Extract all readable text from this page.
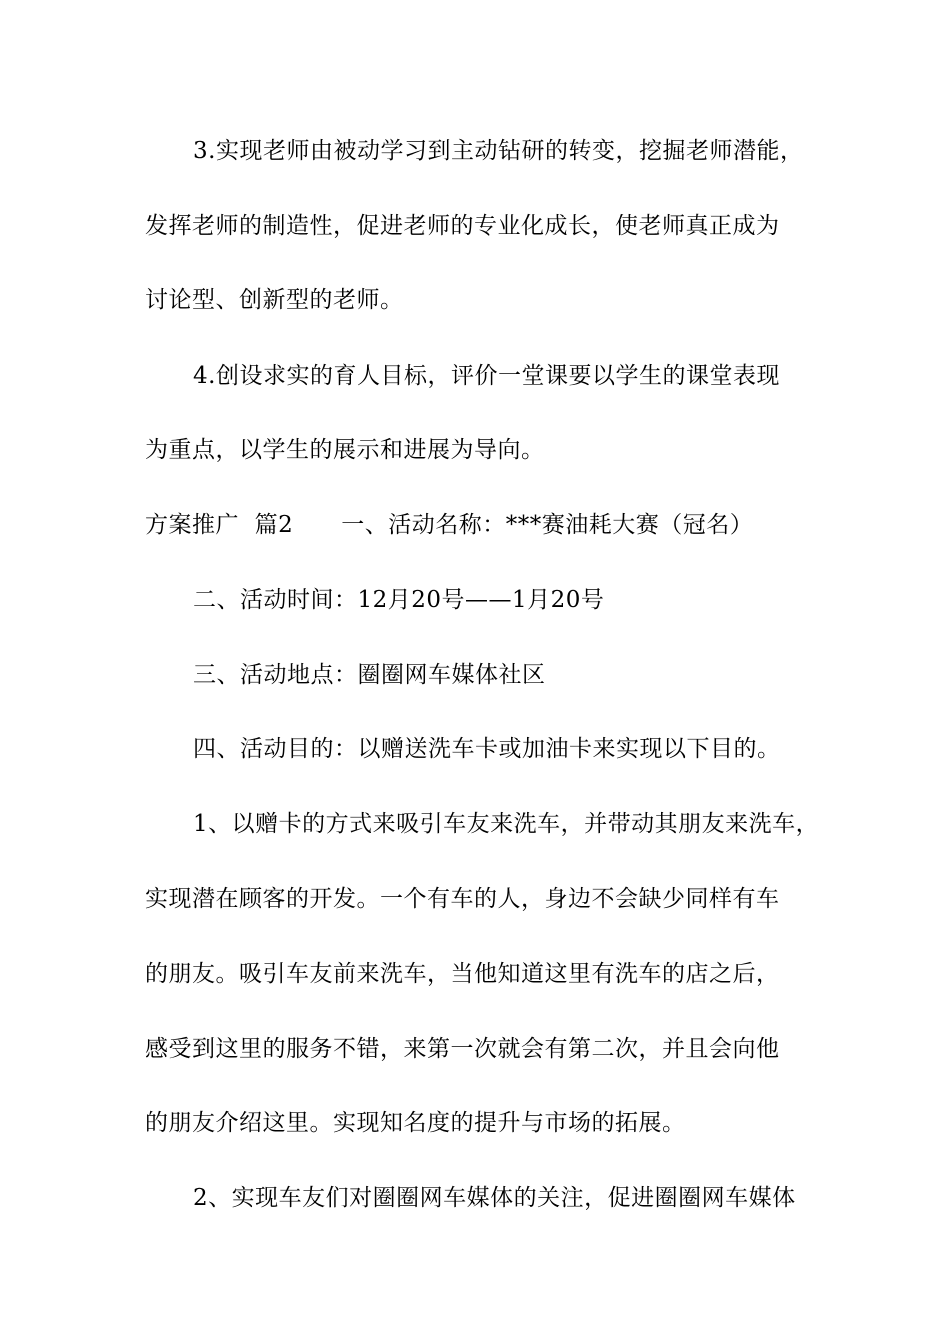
3.实现老师由被动学习到主动钻研的转变，挖掘老师潜能，
发挥老师的制造性，促进老师的专业化成长，使老师真正成为
讨论型、创新型的老师。
4.创设求实的育人目标，评价一堂课要以学生的课堂表现
为重点，以学生的展示和进展为导向。
方案推广  篇2 一、活动名称：***赛油耗大赛（冠名）
二、活动时间：12月20号——1月20号
三、活动地点：圈圈网车媒体社区
四、活动目的：以赠送洗车卡或加油卡来实现以下目的。
1、以赠卡的方式来吸引车友来洗车，并带动其朋友来洗车，
实现潜在顾客的开发。一个有车的人，身边不会缺少同样有车
的朋友。吸引车友前来洗车，当他知道这里有洗车的店之后，
感受到这里的服务不错，来第一次就会有第二次，并且会向他
的朋友介绍这里。实现知名度的提升与市场的拓展。
2、实现车友们对圈圈网车媒体的关注，促进圈圈网车媒体
